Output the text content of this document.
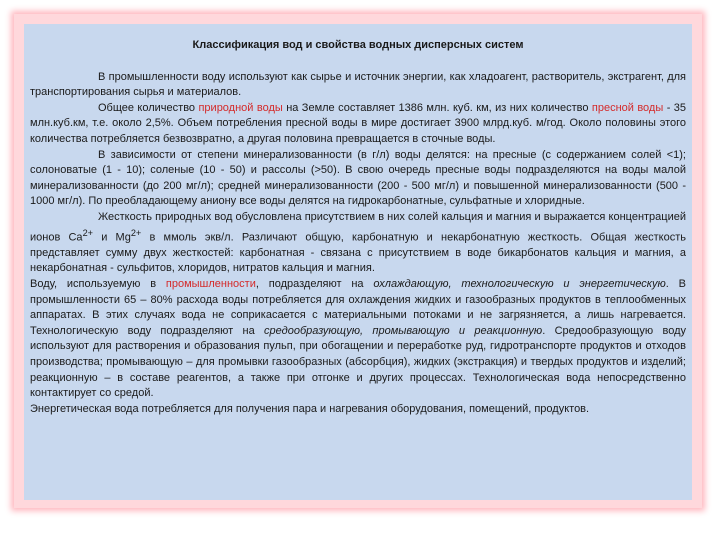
Классификация вод и свойства водных дисперсных систем

В промышленности воду используют как сырье и источник энергии, как хладоагент, растворитель, экстрагент, для транспортирования сырья и материалов.

Общее количество природной воды на Земле составляет 1386 млн. куб. км, из них количество пресной воды - 35 млн.куб.км, т.е. около 2,5%. Объем потребления пресной воды в мире достигает 3900 млрд.куб. м/год. Около половины этого количества потребляется безвозвратно, а другая половина превращается в сточные воды.

В зависимости от степени минерализованности (в г/л) воды делятся: на пресные (с содержанием солей <1); солоноватые (1 - 10); соленые (10 - 50) и рассолы (>50). В свою очередь пресные воды подразделяются на воды малой минерализованности (до 200 мг/л); средней минерализованности (200 - 500 мг/л) и повышенной минерализованности (500 - 1000 мг/л). По преобладающему аниону все воды делятся на гидрокарбонатные, сульфатные и хлоридные.

Жесткость природных вод обусловлена присутствием в них солей кальция и магния и выражается концентрацией ионов $Ca^{2+}$ и $Mg^{2+}$ в ммоль экв/л. Различают общую, карбонатную и некарбонатную жесткость. Общая жесткость представляет сумму двух жесткостей: карбонатная - связана с присутствием в воде бикарбонатов кальция и магния, а некарбонатная - сульфитов, хлоридов, нитратов кальция и магния.

Воду, используемую в промышленности, подразделяют на охлаждающую, технологическую и энергетическую. В промышленности 65 – 80% расхода воды потребляется для охлаждения жидких и газообразных продуктов в теплообменных аппаратах. В этих случаях вода не соприкасается с материальными потоками и не загрязняется, а лишь нагревается. Технологическую воду подразделяют на средообразующую, промывающую и реакционную. Средообразующую воду используют для растворения и образования пульп, при обогащении и переработке руд, гидротранспорте продуктов и отходов производства; промывающую – для промывки газообразных (абсорбция), жидких (экстракция) и твердых продуктов и изделий; реакционную – в составе реагентов, а также при отгонке и других процессах. Технологическая вода непосредственно контактирует со средой.

Энергетическая вода потребляется для получения пара и нагревания оборудования, помещений, продуктов.
